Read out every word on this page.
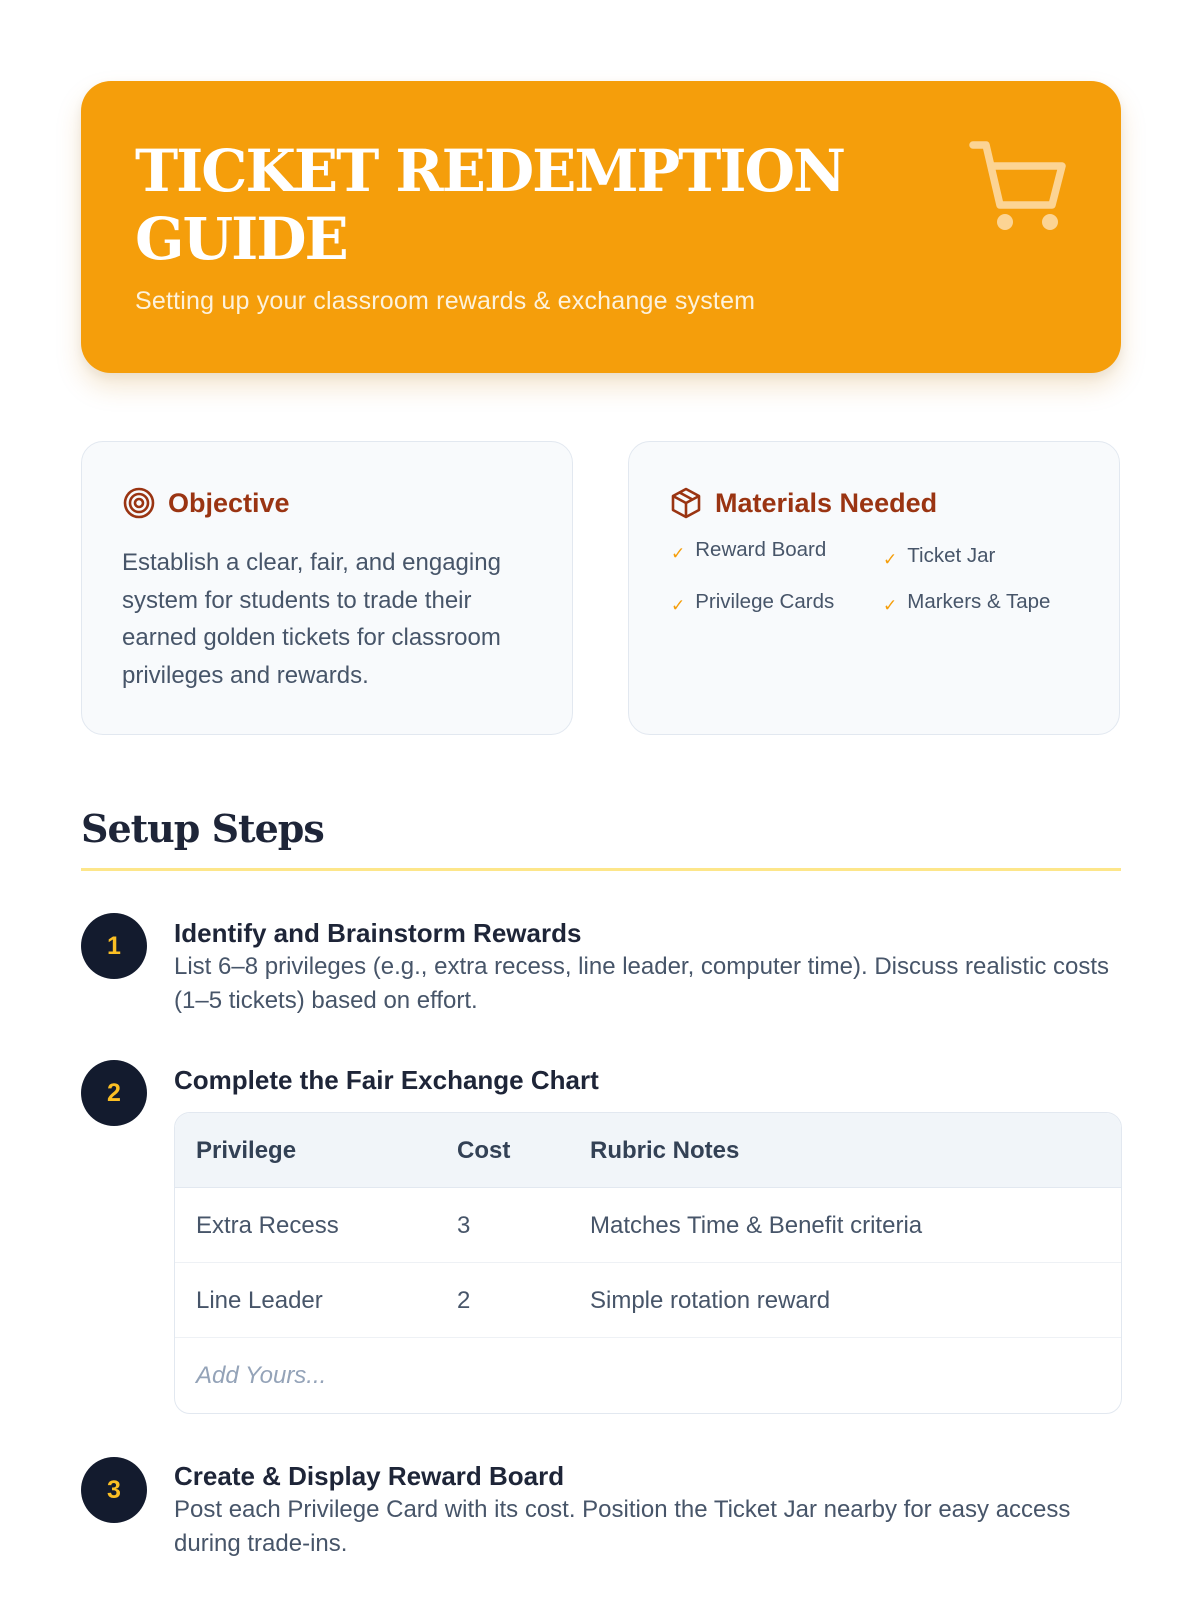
TICKET REDEMPTION GUIDE
Setting up your classroom rewards & exchange system
Objective
Establish a clear, fair, and engaging system for students to trade their earned golden tickets for classroom privileges and rewards.
Materials Needed
✓ Reward Board	✓ Ticket Jar
✓ Privilege Cards	✓ Markers & Tape
Setup Steps
1	Identify and Brainstorm Rewards
List 6–8 privileges (e.g., extra recess, line leader, computer time). Discuss realistic costs (1–5 tickets) based on effort.
2	Complete the Fair Exchange Chart
Privilege	Cost	Rubric Notes
Extra Recess	3	Matches Time & Benefit criteria
Line Leader	2	Simple rotation reward
Add Yours...
3	Create & Display Reward Board
Post each Privilege Card with its cost. Position the Ticket Jar nearby for easy access during trade-ins.
